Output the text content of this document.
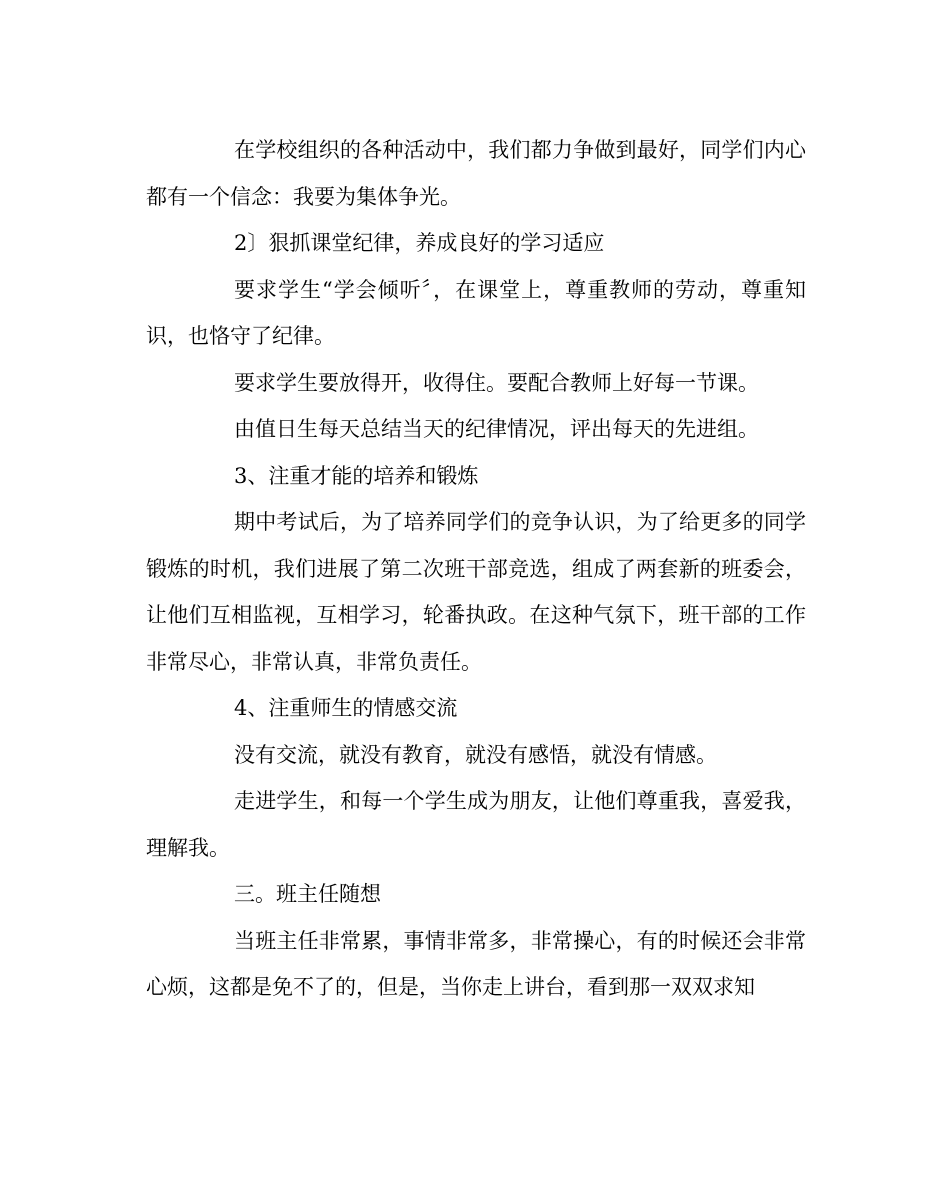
在学校组织的各种活动中，我们都力争做到最好，同学们内心都有一个信念：我要为集体争光。

2〕狠抓课堂纪律，养成良好的学习适应

要求学生“学会倾听〞，在课堂上，尊重教师的劳动，尊重知识，也恪守了纪律。

要求学生要放得开，收得住。要配合教师上好每一节课。

由值日生每天总结当天的纪律情况，评出每天的先进组。

3、注重才能的培养和锻炼

期中考试后，为了培养同学们的竞争认识，为了给更多的同学锻炼的时机，我们进展了第二次班干部竞选，组成了两套新的班委会，让他们互相监视，互相学习，轮番执政。在这种气氛下，班干部的工作非常尽心，非常认真，非常负责任。

4、注重师生的情感交流

没有交流，就没有教育，就没有感悟，就没有情感。

走进学生，和每一个学生成为朋友，让他们尊重我，喜爱我，理解我。

三。班主任随想

当班主任非常累，事情非常多，非常操心，有的时候还会非常心烦，这都是免不了的，但是，当你走上讲台，看到那一双双求知
